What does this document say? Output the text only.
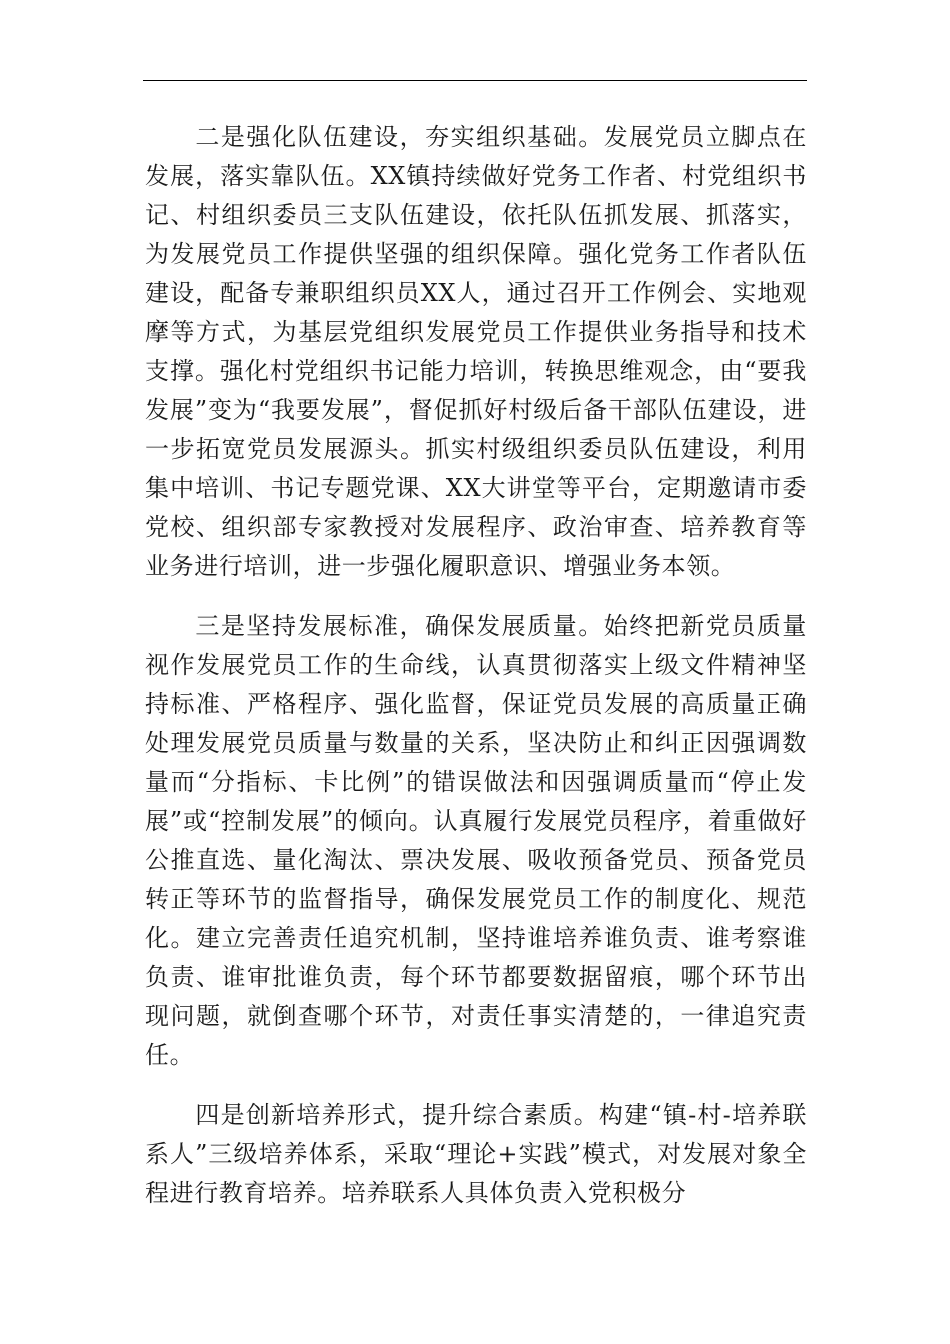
二是强化队伍建设，夯实组织基础。发展党员立脚点在发展，落实靠队伍。XX镇持续做好党务工作者、村党组织书记、村组织委员三支队伍建设，依托队伍抓发展、抓落实，为发展党员工作提供坚强的组织保障。强化党务工作者队伍建设，配备专兼职组织员XX人，通过召开工作例会、实地观摩等方式，为基层党组织发展党员工作提供业务指导和技术支撑。强化村党组织书记能力培训，转换思维观念，由“要我发展”变为“我要发展”，督促抓好村级后备干部队伍建设，进一步拓宽党员发展源头。抓实村级组织委员队伍建设，利用集中培训、书记专题党课、XX大讲堂等平台，定期邀请市委党校、组织部专家教授对发展程序、政治审查、培养教育等业务进行培训，进一步强化履职意识、增强业务本领。

三是坚持发展标准，确保发展质量。始终把新党员质量视作发展党员工作的生命线，认真贯彻落实上级文件精神坚持标准、严格程序、强化监督，保证党员发展的高质量正确处理发展党员质量与数量的关系，坚决防止和纠正因强调数量而“分指标、卡比例”的错误做法和因强调质量而“停止发展”或“控制发展”的倾向。认真履行发展党员程序，着重做好公推直选、量化淘汰、票决发展、吸收预备党员、预备党员转正等环节的监督指导，确保发展党员工作的制度化、规范化。建立完善责任追究机制，坚持谁培养谁负责、谁考察谁负责、谁审批谁负责，每个环节都要数据留痕，哪个环节出现问题，就倒查哪个环节，对责任事实清楚的，一律追究责任。

四是创新培养形式，提升综合素质。构建“镇-村-培养联系人”三级培养体系，采取“理论+实践”模式，对发展对象全程进行教育培养。培养联系人具体负责入党积极分
